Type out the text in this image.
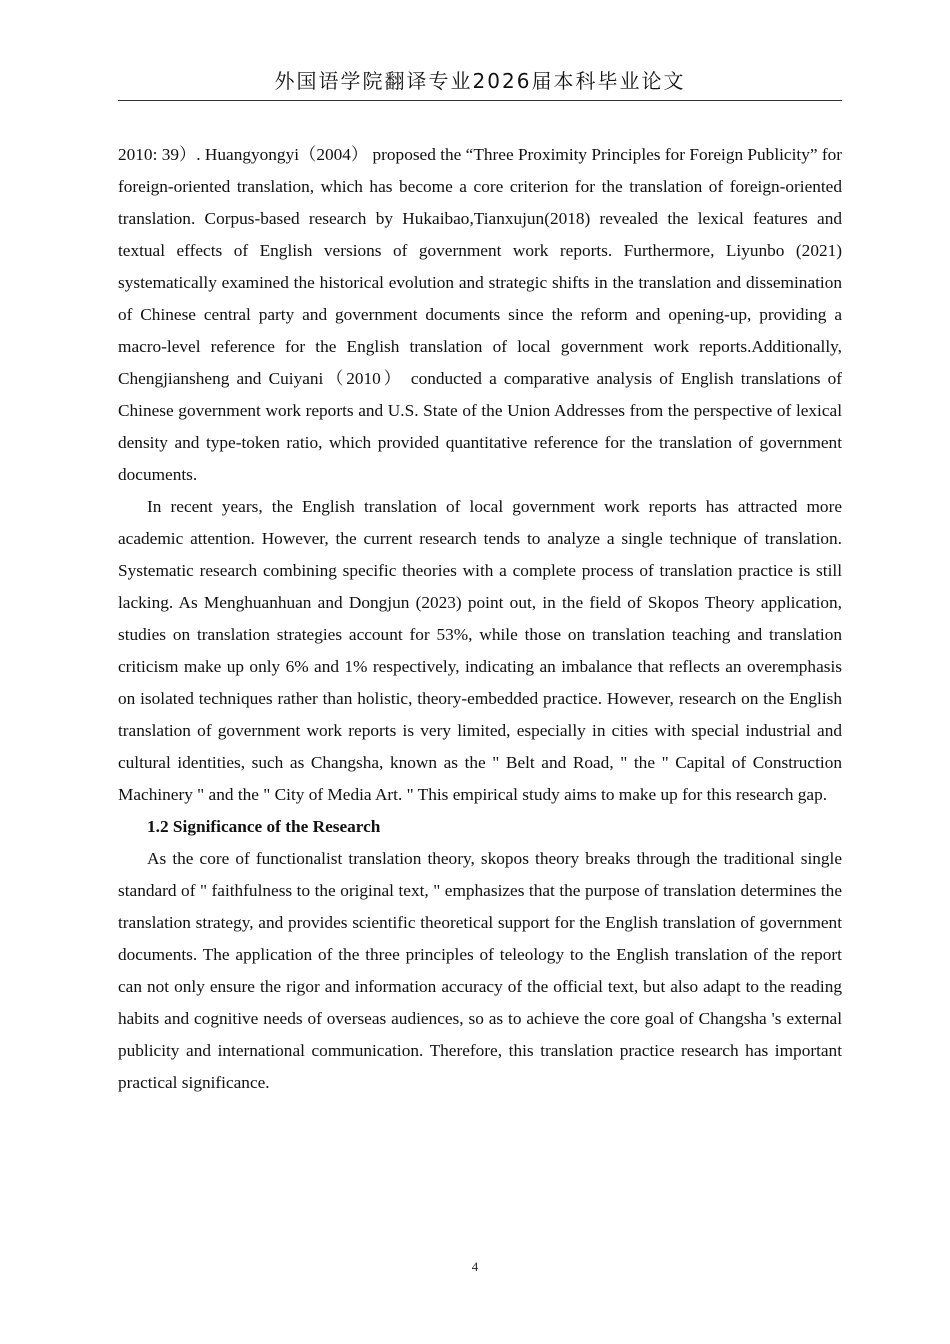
外国语学院翻译专业2026届本科毕业论文

2010: 39）. Huangyongyi（2004） proposed the “Three Proximity Principles for Foreign Publicity” for foreign-oriented translation, which has become a core criterion for the translation of foreign-oriented translation. Corpus-based research by Hukaibao,Tianxujun(2018) revealed the lexical features and textual effects of English versions of government work reports. Furthermore, Liyunbo (2021) systematically examined the historical evolution and strategic shifts in the translation and dissemination of Chinese central party and government documents since the reform and opening-up, providing a macro-level reference for the English translation of local government work reports.Additionally, Chengjiansheng and Cuiyani（2010） conducted a comparative analysis of English translations of Chinese government work reports and U.S. State of the Union Addresses from the perspective of lexical density and type-token ratio, which provided quantitative reference for the translation of government documents.

In recent years, the English translation of local government work reports has attracted more academic attention. However, the current research tends to analyze a single technique of translation. Systematic research combining specific theories with a complete process of translation practice is still lacking. As Menghuanhuan and Dongjun (2023) point out, in the field of Skopos Theory application, studies on translation strategies account for 53%, while those on translation teaching and translation criticism make up only 6% and 1% respectively, indicating an imbalance that reflects an overemphasis on isolated techniques rather than holistic, theory-embedded practice. However, research on the English translation of government work reports is very limited, especially in cities with special industrial and cultural identities, such as Changsha, known as the " Belt and Road, " the " Capital of Construction Machinery " and the " City of Media Art. " This empirical study aims to make up for this research gap.

1.2 Significance of the Research

As the core of functionalist translation theory, skopos theory breaks through the traditional single standard of " faithfulness to the original text, " emphasizes that the purpose of translation determines the translation strategy, and provides scientific theoretical support for the English translation of government documents. The application of the three principles of teleology to the English translation of the report can not only ensure the rigor and information accuracy of the official text, but also adapt to the reading habits and cognitive needs of overseas audiences, so as to achieve the core goal of Changsha 's external publicity and international communication. Therefore, this translation practice research has important practical significance.

4
